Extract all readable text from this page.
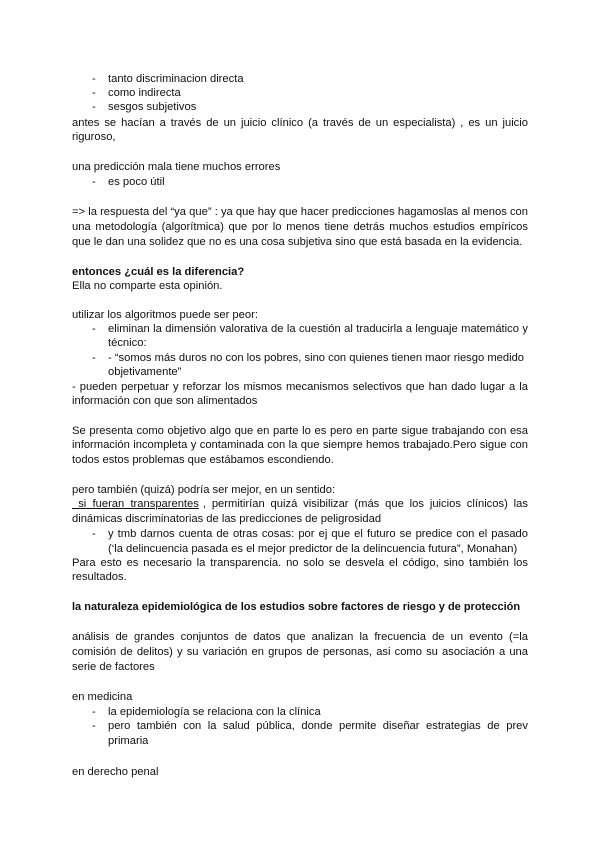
- tanto discriminacion directa
- como indirecta
- sesgos subjetivos
antes se hacían a través de un juicio clínico (a través de un especialista) , es un juicio
riguroso,
una predicción mala tiene muchos errores
- es poco útil
=> la respuesta del “ya que” : ya que hay que hacer predicciones hagamoslas al menos con
una metodología (algorítmica) que por lo menos tiene detrás muchos estudios empíricos
que le dan una solidez que no es una cosa subjetiva sino que está basada en la evidencia.
entonces ¿cuál es la diferencia?
Ella no comparte esta opinión.
utilizar los algoritmos puede ser peor:
- eliminan la dimensión valorativa de la cuestión al traducirla a lenguaje matemático y
técnico:
- - “somos más duros no con los pobres, sino con quienes tienen maor riesgo medido
objetivamente”
- pueden perpetuar y reforzar los mismos mecanismos selectivos que han dado lugar a la
información con que son alimentados
Se presenta como objetivo algo que en parte lo es pero en parte sigue trabajando con esa
información incompleta y contaminada con la que siempre hemos trabajado.Pero sigue con
todos estos problemas que estábamos escondiendo.
pero también (quizá) podría ser mejor, en un sentido:
si  fueran  transparentes , permitirían quizá visibilizar (más que los juicios clínicos) las
dinámicas discriminatorias de las predicciones de peligrosidad
- y tmb darnos cuenta de otras cosas: por ej que el futuro se predice con el pasado
(‘la delincuencia pasada es el mejor predictor de la delincuencia futura”, Monahan)
Para esto es necesario la transparencia. no solo se desvela el código, sino también los
resultados.
la naturaleza epidemiológica de los estudios sobre factores de riesgo y de protección
análisis de grandes conjuntos de datos que analizan la frecuencia de un evento (=la
comisión de delitos) y su variación en grupos de personas, asi como su asociación a una
serie de factores
en medicina
- la epidemiología se relaciona con la clínica
- pero también con la salud pública, donde permite diseñar estrategias de prev
primaria
en derecho penal
